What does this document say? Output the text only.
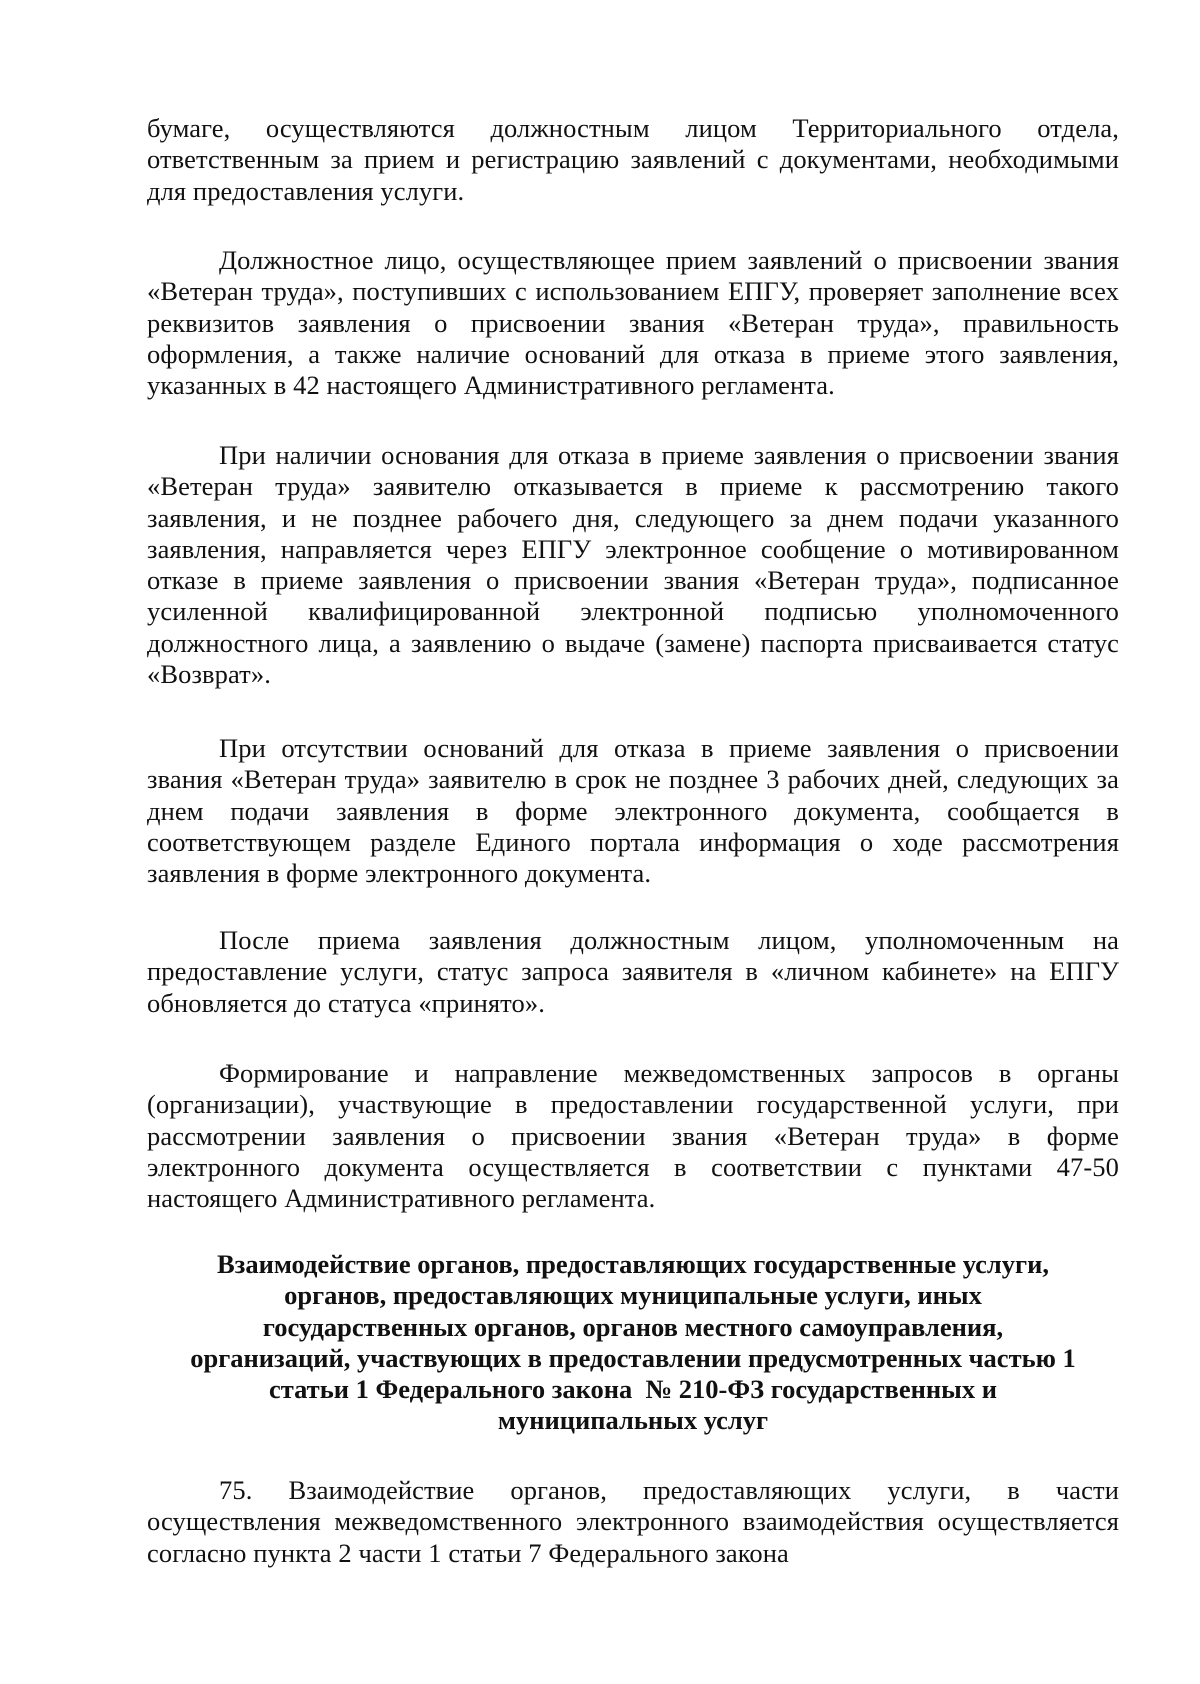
бумаге, осуществляются должностным лицом Территориального отдела, ответственным за прием и регистрацию заявлений с документами, необходимыми для предоставления услуги.

Должностное лицо, осуществляющее прием заявлений о присвоении звания «Ветеран труда», поступивших с использованием ЕПГУ, проверяет заполнение всех реквизитов заявления о присвоении звания «Ветеран труда», правильность оформления, а также наличие оснований для отказа в приеме этого заявления, указанных в 42 настоящего Административного регламента.

При наличии основания для отказа в приеме заявления о присвоении звания «Ветеран труда» заявителю отказывается в приеме к рассмотрению такого заявления, и не позднее рабочего дня, следующего за днем подачи указанного заявления, направляется через ЕПГУ электронное сообщение о мотивированном отказе в приеме заявления о присвоении звания «Ветеран труда», подписанное усиленной квалифицированной электронной подписью уполномоченного должностного лица, а заявлению о выдаче (замене) паспорта присваивается статус «Возврат».

При отсутствии оснований для отказа в приеме заявления о присвоении звания «Ветеран труда» заявителю в срок не позднее 3 рабочих дней, следующих за днем подачи заявления в форме электронного документа, сообщается в соответствующем разделе Единого портала информация о ходе рассмотрения заявления в форме электронного документа.

После приема заявления должностным лицом, уполномоченным на предоставление услуги, статус запроса заявителя в «личном кабинете» на ЕПГУ обновляется до статуса «принято».

Формирование и направление межведомственных запросов в органы (организации), участвующие в предоставлении государственной услуги, при рассмотрении заявления о присвоении звания «Ветеран труда» в форме электронного документа осуществляется в соответствии с пунктами 47-50 настоящего Административного регламента.

Взаимодействие органов, предоставляющих государственные услуги,
органов, предоставляющих муниципальные услуги, иных
государственных органов, органов местного самоуправления,
организаций, участвующих в предоставлении предусмотренных частью 1
статьи 1 Федерального закона  № 210-ФЗ государственных и
муниципальных услуг

75. Взаимодействие органов, предоставляющих услуги, в части осуществления межведомственного электронного взаимодействия осуществляется согласно пункта 2 части 1 статьи 7 Федерального закона
